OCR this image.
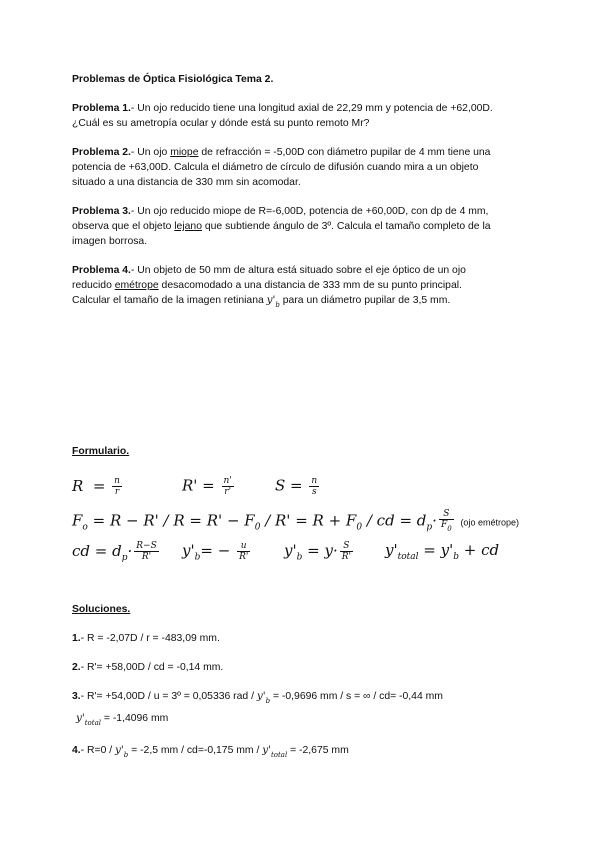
Problemas de Óptica Fisiológica Tema 2.
Problema 1.- Un ojo reducido tiene una longitud axial de 22,29 mm y potencia de +62,00D.
¿Cuál es su ametropía ocular y dónde está su punto remoto Mr?
Problema 2.- Un ojo miope de refracción = -5,00D con diámetro pupilar de 4 mm tiene una
potencia de +63,00D. Calcula el diámetro de círculo de difusión cuando mira a un objeto
situado a una distancia de 330 mm sin acomodar.
Problema 3.- Un ojo reducido miope de R=-6,00D, potencia de +60,00D, con dp de 4 mm,
observa que el objeto lejano que subtiende ángulo de 3º. Calcula el tamaño completo de la
imagen borrosa.
Problema 4.- Un objeto de 50 mm de altura está situado sobre el eje óptico de un ojo
reducido emétrope desacomodado a una distancia de 333 mm de su punto principal.
Calcular el tamaño de la imagen retiniana $y'_b$ para un diámetro pupilar de 3,5 mm.
Formulario.
$R = \frac{n}{r}$	$R' = \frac{n'}{r'}$	$S = \frac{n}{s}$
$F_o = R - R' / R = R' - F_0 / R' = R + F_0$ / cd = $d_p\cdot \frac{S}{F_0} (ojo$ emétrope)
cd = $d_p\cdot \frac{R-S}{R'} y'_b= - \frac{u}{R'} y'_b = y\cdot \frac{S}{R'} y'_{total} = y'_b$ + cd
Soluciones.
1.- R = -2,07D / r = -483,09 mm.
2.- R'= +58,00D / cd = -0,14 mm.
3.- R'= +54,00D / u = 3º = 0,05336 rad / $y'_b = -0,9696$ mm / s = ∞ / cd= -0,44 mm
$y'_{total} = -1,4096$ mm
4.- $R=0 / y'_b = -2,5$ mm / cd=-0,175 mm / $y'_{total} = -2,675$ mm
